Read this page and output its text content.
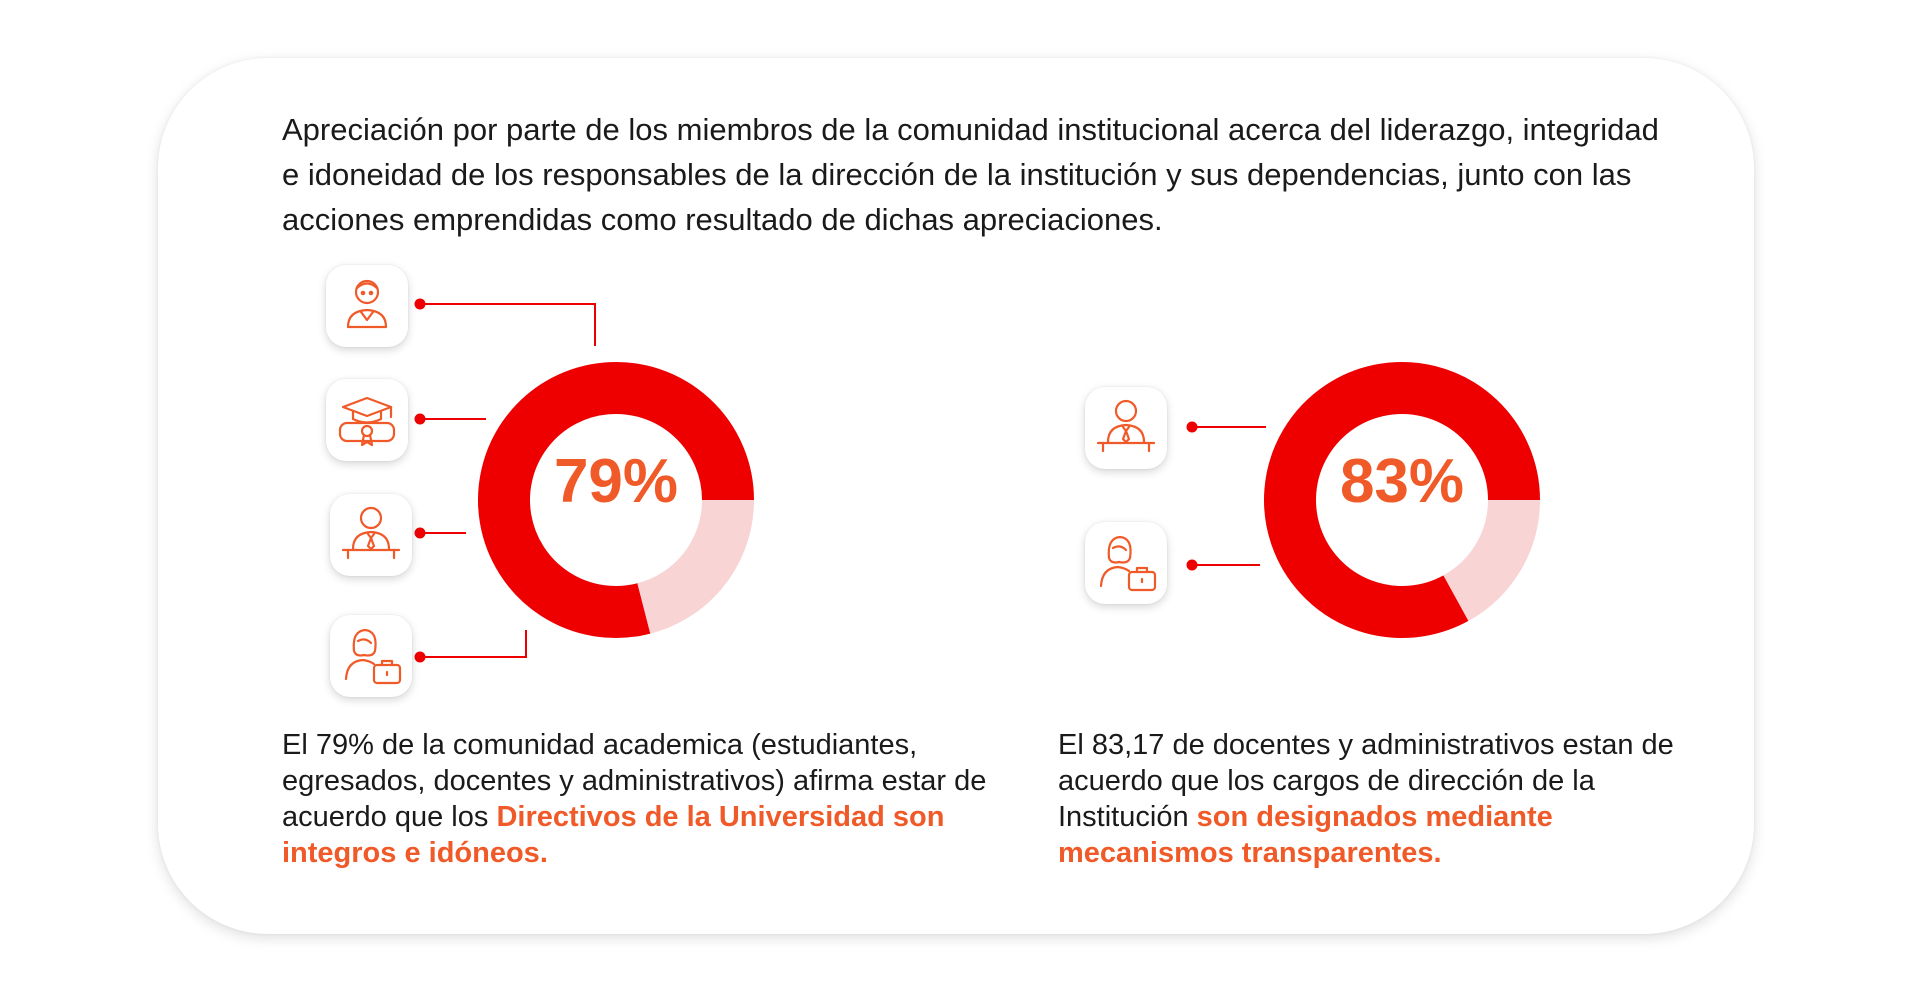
Apreciación por parte de los miembros de la comunidad institucional acerca del liderazgo, integridad e idoneidad de los responsables de la dirección de la institución y sus dependencias, junto con las acciones emprendidas como resultado de dichas apreciaciones.

79%	83%

El 79% de la comunidad academica (estudiantes, egresados, docentes y administrativos) afirma estar de acuerdo que los Directivos de la Universidad son integros e idóneos.

El 83,17 de docentes y administrativos estan de acuerdo que los cargos de dirección de la Institución son designados mediante mecanismos transparentes.
